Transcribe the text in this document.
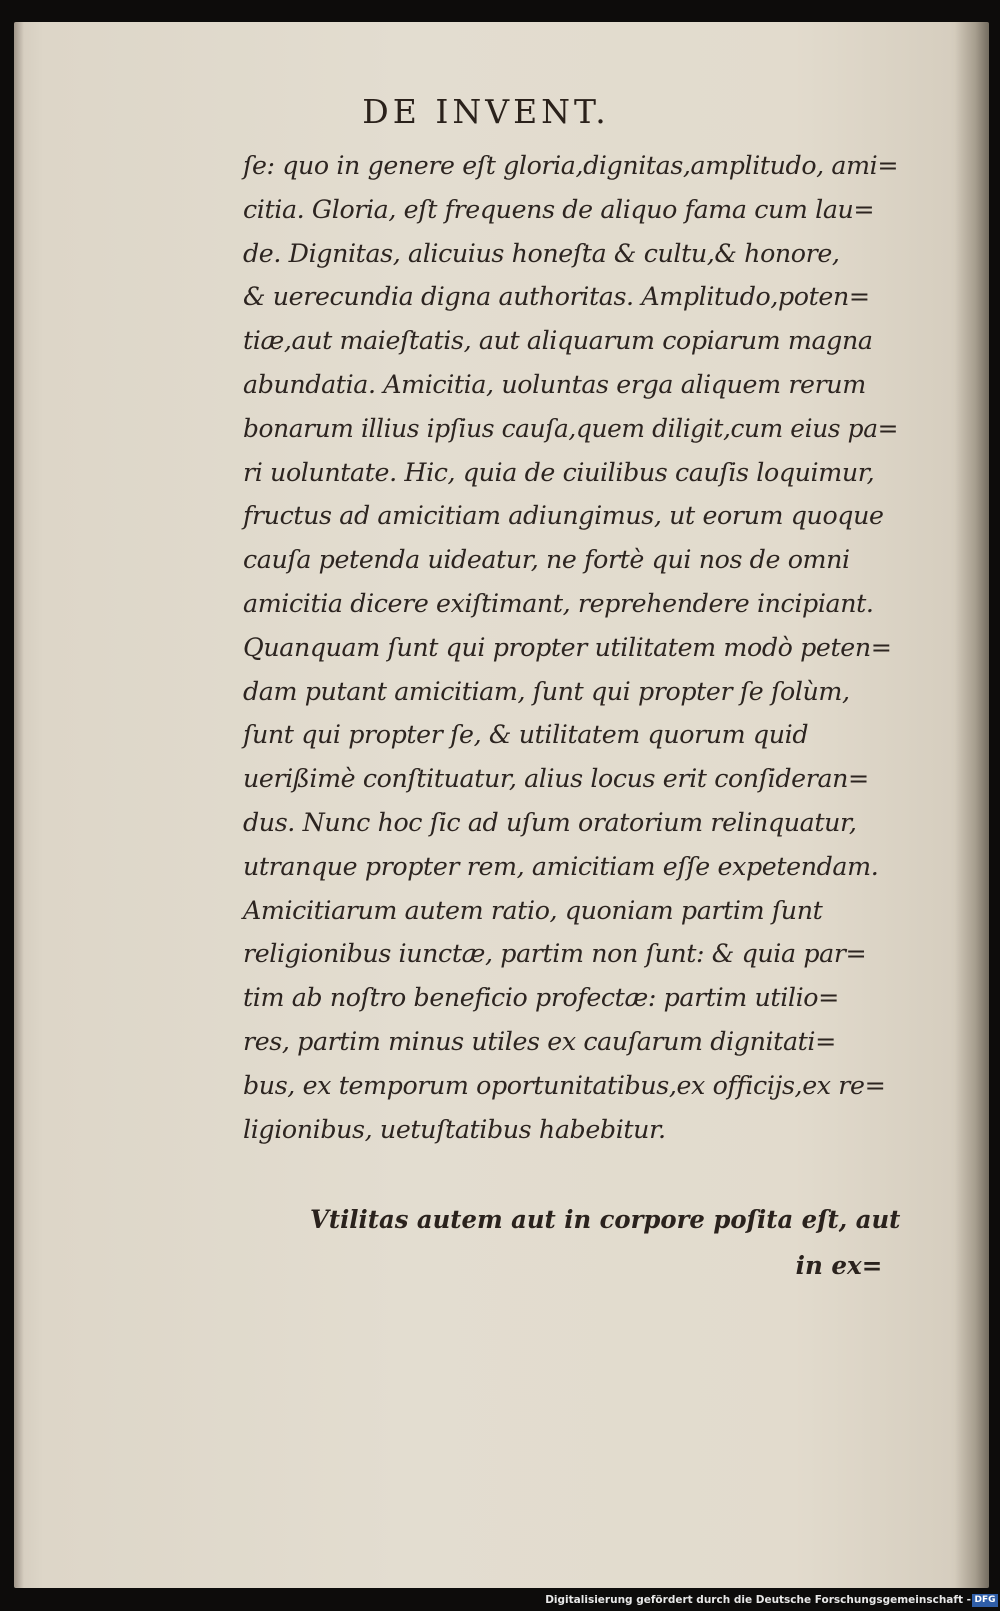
DE INVENT.
ſe: quo in genere eſt gloria,dignitas,amplitudo, ami=
citia. Gloria, eſt frequens de aliquo fama cum lau=
de. Dignitas, alicuius honeſta & cultu,& honore,
& uerecundia digna authoritas. Amplitudo,poten=
tiæ,aut maieſtatis, aut aliquarum copiarum magna
abundatia. Amicitia, uoluntas erga aliquem rerum
bonarum illius ipſius cauſa,quem diligit,cum eius pa=
ri uoluntate. Hic, quia de ciuilibus cauſis loquimur,
fructus ad amicitiam adiungimus, ut eorum quoque
cauſa petenda uideatur, ne fortè qui nos de omni
amicitia dicere exiſtimant, reprehendere incipiant.
Quanquam ſunt qui propter utilitatem modò peten=
dam putant amicitiam, ſunt qui propter ſe ſolùm,
ſunt qui propter ſe, & utilitatem quorum quid
uerißimè conſtituatur, alius locus erit conſideran=
dus. Nunc hoc ſic ad uſum oratorium relinquatur,
utranque propter rem, amicitiam eſſe expetendam.
Amicitiarum autem ratio, quoniam partim ſunt
religionibus iunctæ, partim non ſunt: & quia par=
tim ab noſtro beneficio profectæ: partim utilio=
res, partim minus utiles ex cauſarum dignitati=
bus, ex temporum oportunitatibus,ex officijs,ex re=
ligionibus, uetuſtatibus habebitur.
Vtilitas autem aut in corpore poſita eſt, aut
in ex=
Digitalisierung gefördert durch die Deutsche Forschungsgemeinschaft - DFG
